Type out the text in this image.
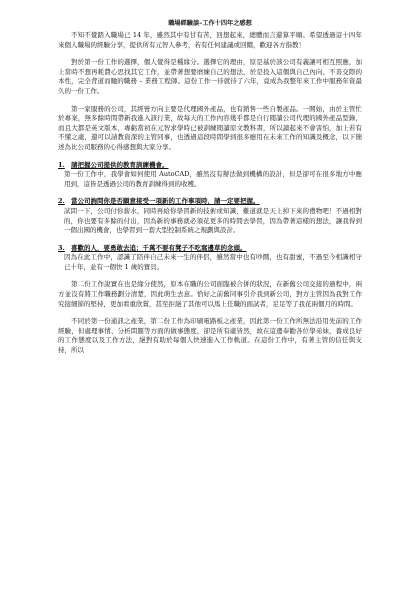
職場經驗談–工作十四年之感想

不知不覺踏入職場已 14 年，雖然其中有甘有苦，回想起來，總體而言還算平順。希望透過這十四年來個人職場的經驗分享，提供所有元智人參考，若有任何建議或回饋，歡迎各方指教！

對於第一份工作的選擇，個人覺得是種緣分。選擇它的理由，原是基於該公司有義讓可相互照應，加上當時不想再耗費心思找其它工作，並帶著想要磨練自己的想法，於是投入這個與自己內向、不善交際的本性，完全背道而馳的職務 – 業務工程師。這份工作一待就待了六年，竟成為我整年來工作中服務年資最久的一份工作。

第一家服務的公司，其經營方向主要是代理國外產品，也有銷售一些自製產品。一開始，由於主管忙於專案，無多餘時間帶新我進入該行業，故每天的工作內容幾乎都是自行閱讀公司代理的國外產品型錄，而且大都是英文版本，專虧當初在元智求學時已被訓練閱讀原文教科書，所以讀起來不會害怕，加上若有不懂之處，還可以請教資深的主管同事，也透過這段時間學到很多應用在未來工作的知識及概念，以下簡述為比公司服務的心得感想與大家分享。

1. 請把握公司提供的教育訓練機會。
第一份工作中，我學會如何使用 AutoCAD，雖然沒有辦法做到機構的設計，但是卻可在很多地方中應用到，這皆是透過公司的教育訓練得到的收穫。
2. 當公司詢問你是否願意接受一項新的工作事項時，請一定要把握。
試問一下，公司付你薪水，同時再給你學習新的技術或知識，難道就是天上掉下來的禮物吧！不過相對的，你也要有多餘的付出，因為新的事務就必須花更多的時間去學習，因為帶著這樣的想法，讓我得到一個出國的機會，也學習到一套大型控制系統之規劃與設計。
3. 喜歡的人，要勇敢去追；千萬不要有凳子不吃窩邊草的念頭。
因為在此工作中，認識了陪伴自己未來一生的伴侶，雖然當中也有吵鬧，也有甜蜜，不過至今相識相守已十年，並有一個快 1 歲的寶貝。

第二份工作說實在也是緣分使然，原本在職的公司面臨被合併的狀況，在新舊公司交接的過程中，兩方並沒有將工作職務劃分清楚，因此萌生去意。恰好之前舊同事引介我到新公司，對方主管因為我對工作究接細節的堅持，更加看重欣賞，甚至拒絕了其他可以馬上任職的面試者，足足等了我花兩個月的時間。

不同於第一份通訊之產業，第二份工作為印刷電路板之產業，因此第一份工作所無法沿用先前的工作經驗，但處理事情、分析問題等方面的做事態度，卻是所有處皆然，故在這邊奉勸各位學弟妹，養成良好的工作態度以及工作方法，絕對有助於每個人快速進入工作軌道。在這份工作中，有著主管的信任與支持，所以
